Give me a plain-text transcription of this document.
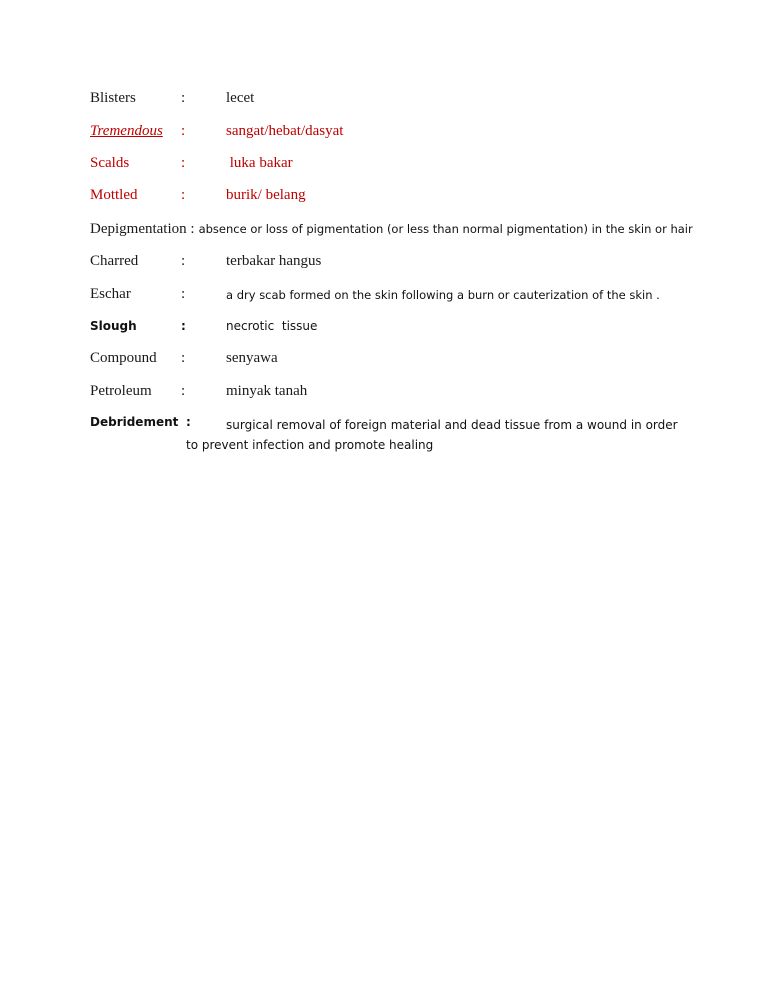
Blisters	:	lecet
Tremendous :	sangat/hebat/dasyat
Scalds	:	luka bakar
Mottled	:	burik/ belang
Depigmentation : absence or loss of pigmentation (or less than normal pigmentation) in the skin or hair
Charred	:	terbakar hangus
Eschar	:	a dry scab formed on the skin following a burn or cauterization of the skin .
Slough	:	necrotic  tissue
Compound :	senyawa
Petroleum :	minyak tanah
Debridement :	surgical removal of foreign material and dead tissue from a wound in order to prevent infection and promote healing
